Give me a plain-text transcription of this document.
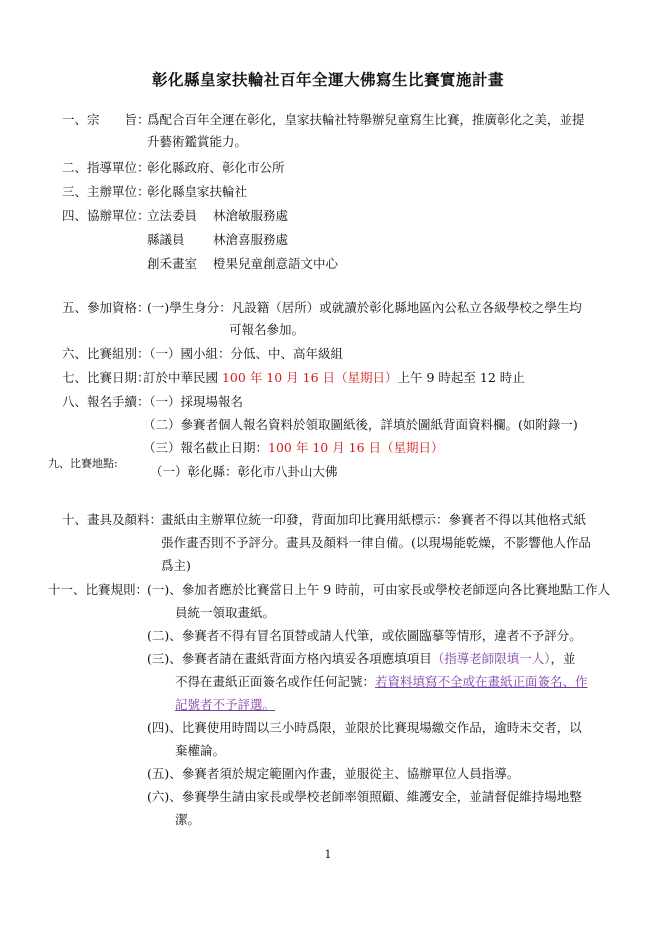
彰化縣皇家扶輪社百年全運大佛寫生比賽實施計畫
一、宗　　旨：
爲配合百年全運在彰化，皇家扶輪社特舉辦兒童寫生比賽，推廣彰化之美，並提
升藝術鑑賞能力。
二、指導單位：
彰化縣政府、彰化市公所
三、主辦單位：
彰化縣皇家扶輪社
四、協辦單位：
立法委員 林滄敏服務處
縣議員 林滄喜服務處
創禾畫室 橙果兒童創意語文中心
五、參加資格：
(一)學生身分：凡設籍（居所）或就讀於彰化縣地區內公私立各級學校之學生均
可報名參加。
六、比賽組別：
（一）國小組：分低、中、高年級組
七、比賽日期：
訂於中華民國 100 年 10 月 16 日（星期日）上午 9 時起至 12 時止
八、報名手續：
（一）採現場報名
（二）參賽者個人報名資料於領取圖紙後，詳填於圖紙背面資料欄。(如附錄一)
（三）報名截止日期：100 年 10 月 16 日（星期日）
九、比賽地點:
（一）彰化縣：彰化市八卦山大佛
十、畫具及顏料：
畫紙由主辦單位統一印發，背面加印比賽用紙標示：參賽者不得以其他格式紙
張作畫否則不予評分。畫具及顏料一律自備。(以現場能乾燥，不影響他人作品
爲主)
十一、比賽規則：
(一)、參加者應於比賽當日上午 9 時前，可由家長或學校老師逕向各比賽地點工作人
員統一領取畫紙。
(二)、參賽者不得有冒名頂替或請人代筆，或依圖臨摹等情形，違者不予評分。
(三)、參賽者請在畫紙背面方格內填妥各項應填項目（指導老師限填一人），並
不得在畫紙正面簽名或作任何記號：若資料填寫不全或在畫紙正面簽名、作
記號者不予評選。
(四)、比賽使用時間以三小時爲限，並限於比賽現場繳交作品，逾時未交者，以
棄權論。
(五)、參賽者須於規定範圍內作畫，並服從主、協辦單位人員指導。
(六)、參賽學生請由家長或學校老師率領照顧、維護安全，並請督促維持場地整
潔。
1
